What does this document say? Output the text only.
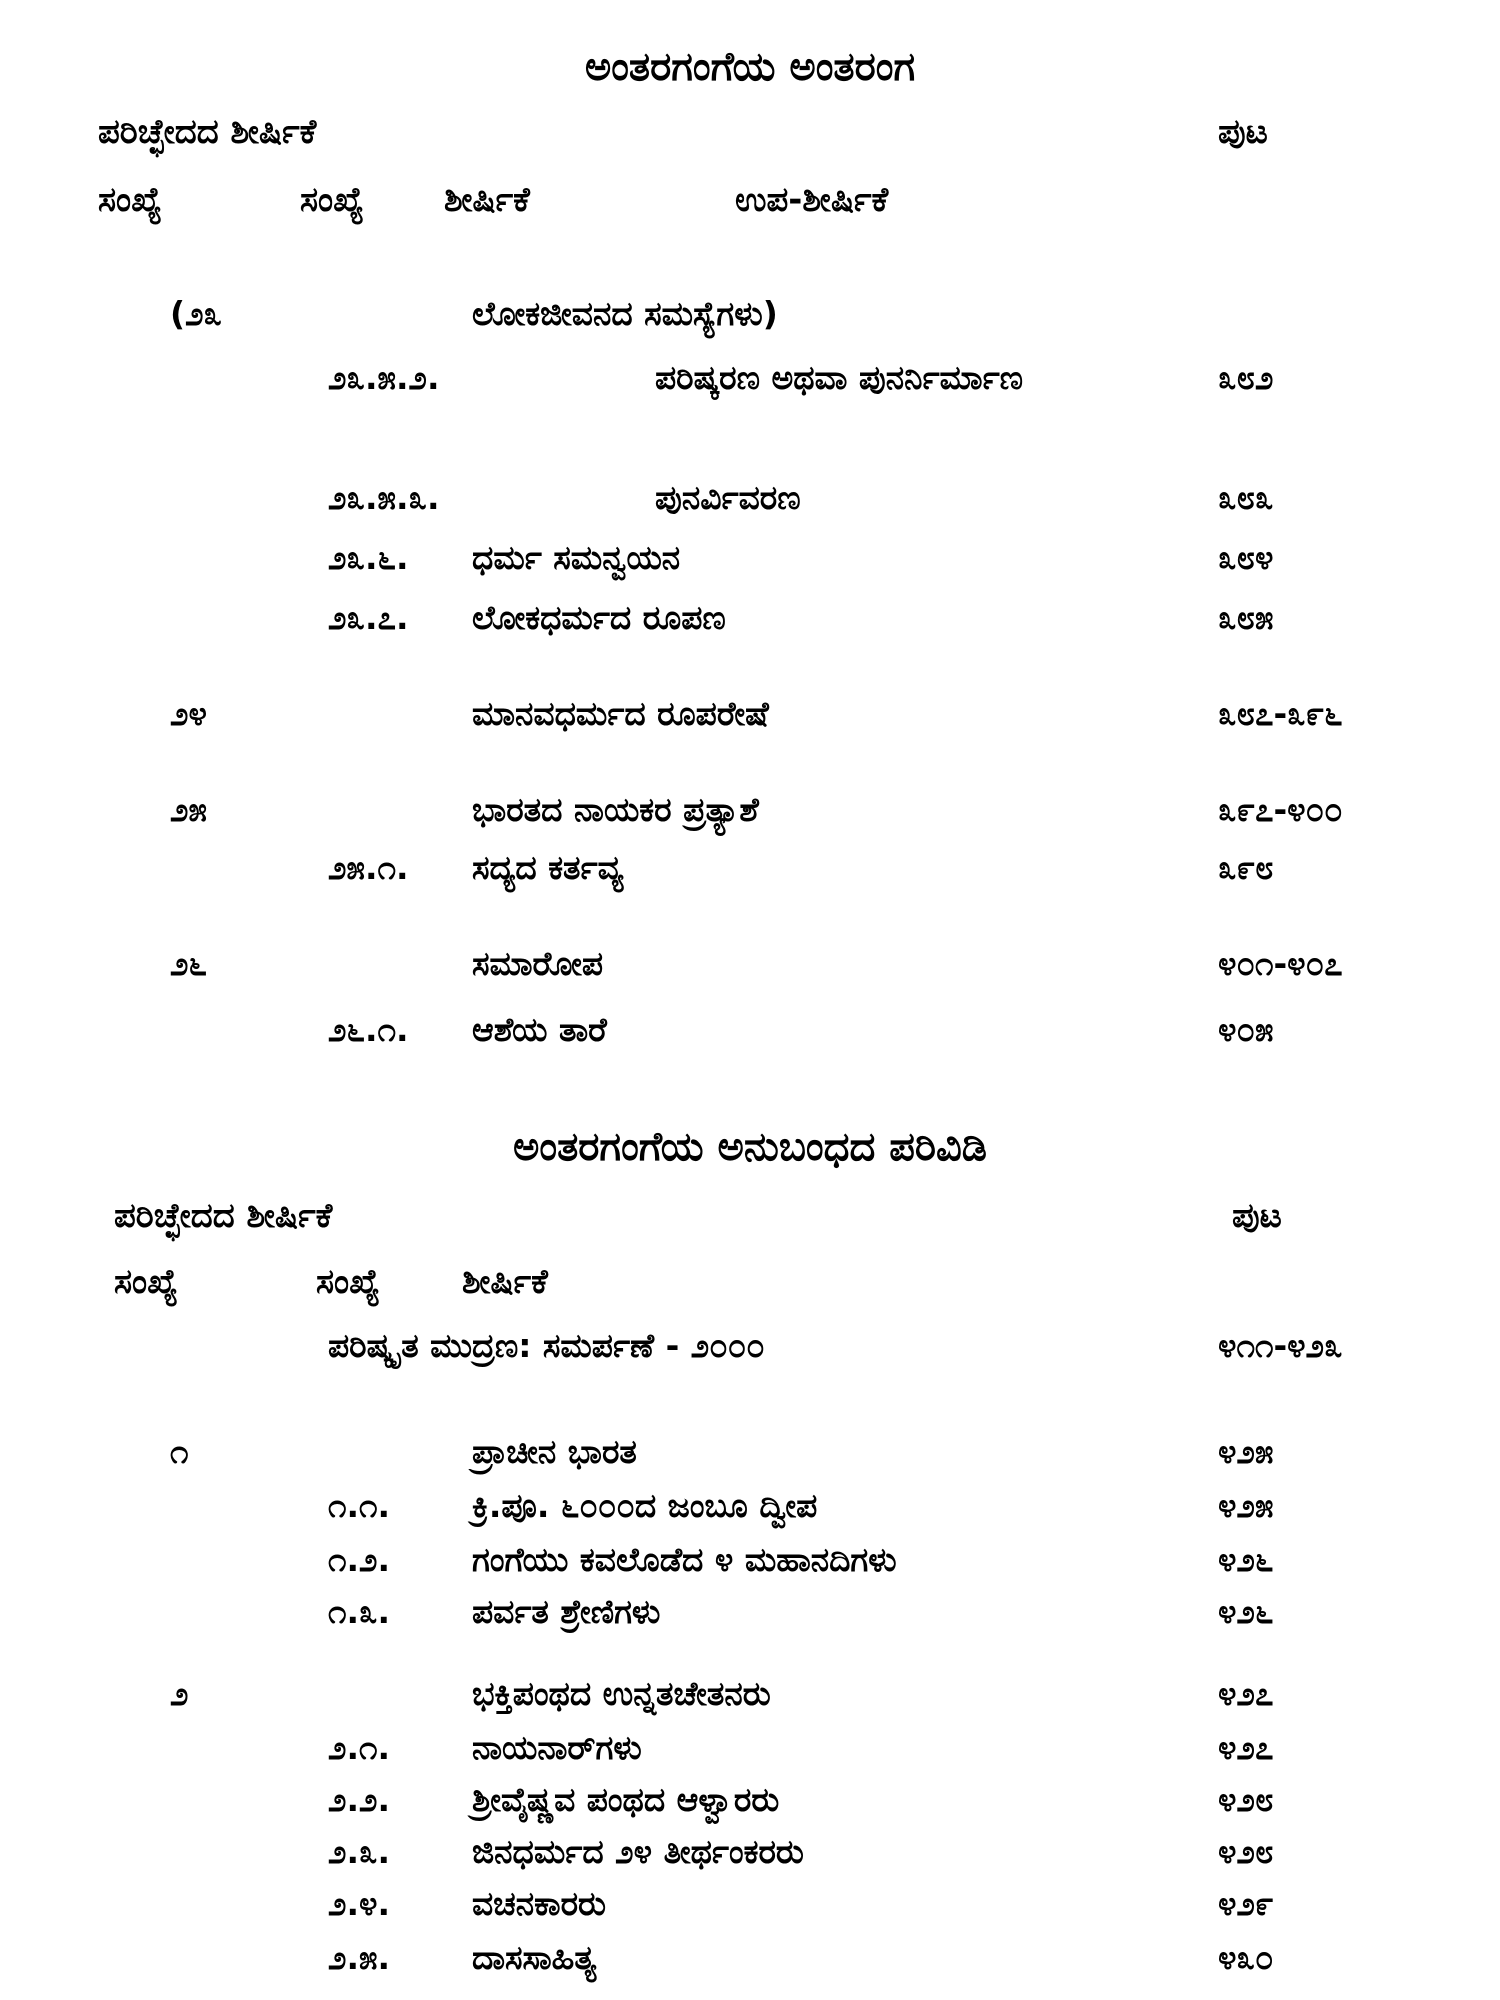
ಅಂತರಗಂಗೆಯ ಅಂತರಂಗ
ಪರಿಚ್ಛೇದದ ಶೀರ್ಷಿಕೆ	ಪುಟ
ಸಂಖ್ಯೆ	ಸಂಖ್ಯೆ ಶೀರ್ಷಿಕೆ	ಉಪ-ಶೀರ್ಷಿಕೆ
(೨೩	ಲೋಕಜೀವನದ ಸಮಸ್ಯೆಗಳು)
೨೩.೫.೨.	ಪರಿಷ್ಕರಣ ಅಥವಾ ಪುನರ್ನಿರ್ಮಾಣ	೩೮೨
೨೩.೫.೩.	ಪುನರ್ವಿವರಣ	೩೮೩
೨೩.೬. ಧರ್ಮ ಸಮನ್ವಯನ	೩೮೪
೨೩.೭. ಲೋಕಧರ್ಮದ ರೂಪಣ	೩೮೫
೨೪	ಮಾನವಧರ್ಮದ ರೂಪರೇಷೆ	೩೮೭-೩೯೬
೨೫	ಭಾರತದ ನಾಯಕರ ಪ್ರತ್ಯಾಶೆ	೩೯೭-೪೦೦
೨೫.೧. ಸದ್ಯದ ಕರ್ತವ್ಯ	೩೯೮
೨೬	ಸಮಾರೋಪ	೪೦೧-೪೦೭
೨೬.೧. ಆಶೆಯ ತಾರೆ	೪೦೫
ಅಂತರಗಂಗೆಯ ಅನುಬಂಧದ ಪರಿವಿಡಿ
ಪರಿಚ್ಛೇದದ ಶೀರ್ಷಿಕೆ	ಪುಟ
ಸಂಖ್ಯೆ	ಸಂಖ್ಯೆ ಶೀರ್ಷಿಕೆ
ಪರಿಷ್ಕೃತ ಮುದ್ರಣ: ಸಮರ್ಪಣೆ - ೨೦೦೦	೪೧೧-೪೨೩
೧	ಪ್ರಾಚೀನ ಭಾರತ	೪೨೫
೧.೧. ಕ್ರಿ.ಪೂ. ೬೦೦೦ದ ಜಂಬೂ ದ್ವೀಪ	೪೨೫
೧.೨. ಗಂಗೆಯು ಕವಲೊಡೆದ ೪ ಮಹಾನದಿಗಳು	೪೨೬
೧.೩. ಪರ್ವತ ಶ್ರೇಣಿಗಳು	೪೨೬
೨	ಭಕ್ತಿಪಂಥದ ಉನ್ನತಚೇತನರು	೪೨೭
೨.೧. ನಾಯನಾರ್‌ಗಳು	೪೨೭
೨.೨. ಶ್ರೀವೈಷ್ಣವ ಪಂಥದ ಆಳ್ವಾರರು	೪೨೮
೨.೩. ಜಿನಧರ್ಮದ ೨೪ ತೀರ್ಥಂಕರರು	೪೨೮
೨.೪. ವಚನಕಾರರು	೪೨೯
೨.೫. ದಾಸಸಾಹಿತ್ಯ	೪೩೦
